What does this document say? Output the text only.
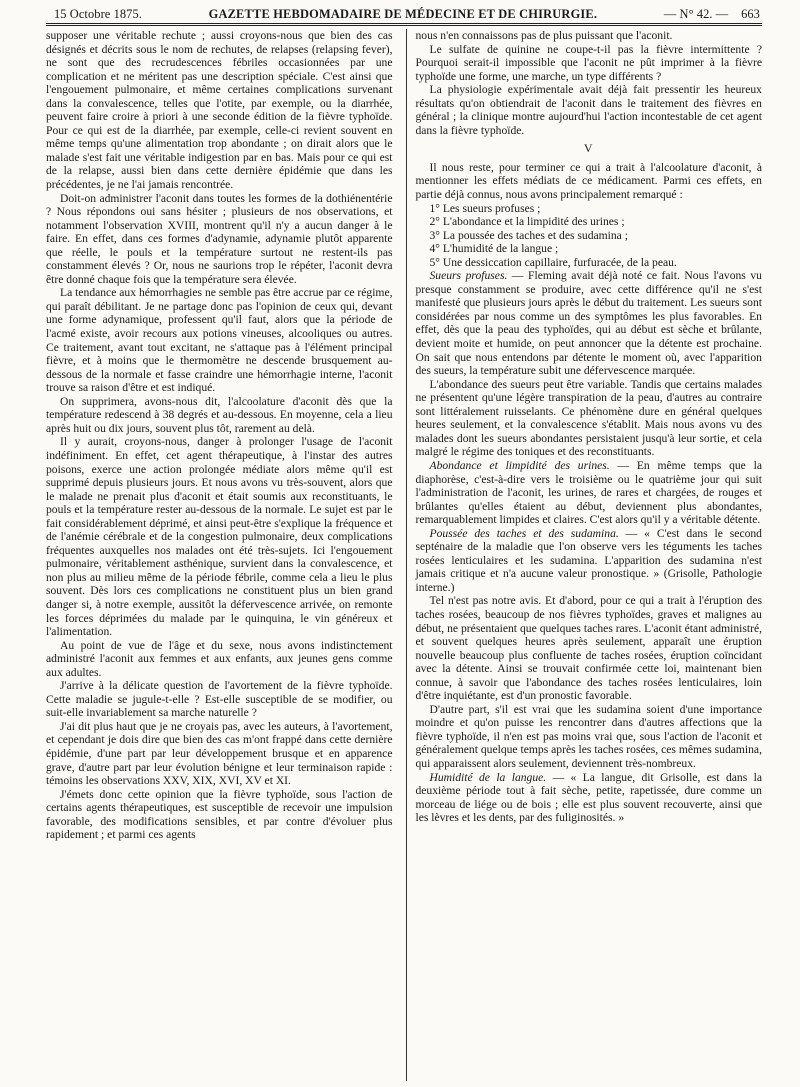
15 Octobre 1875.	GAZETTE HEBDOMADAIRE DE MÉDECINE ET DE CHIRURGIE.	— N° 42. — 663

supposer une véritable rechute ; aussi croyons-nous que bien des cas désignés et décrits sous le nom de rechutes, de relapses (relapsing fever), ne sont que des recrudescences fébriles occasionnées par une complication et ne méritent pas une description spéciale. C'est ainsi que l'engouement pulmonaire, et même certaines complications survenant dans la convalescence, telles que l'otite, par exemple, ou la diarrhée, peuvent faire croire à priori à une seconde édition de la fièvre typhoïde. Pour ce qui est de la diarrhée, par exemple, celle-ci revient souvent en même temps qu'une alimentation trop abondante ; on dirait alors que le malade s'est fait une véritable indigestion par en bas. Mais pour ce qui est de la relapse, aussi bien dans cette dernière épidémie que dans les précédentes, je ne l'ai jamais rencontrée.

Doit-on administrer l'aconit dans toutes les formes de la dothiénentérie ? Nous répondons oui sans hésiter ; plusieurs de nos observations, et notamment l'observation XVIII, montrent qu'il n'y a aucun danger à le faire. En effet, dans ces formes d'adynamie, adynamie plutôt apparente que réelle, le pouls et la température surtout ne restent-ils pas constamment élevés ? Or, nous ne saurions trop le répéter, l'aconit devra être donné chaque fois que la température sera élevée.

La tendance aux hémorrhagies ne semble pas être accrue par ce régime, qui paraît débilitant. Je ne partage donc pas l'opinion de ceux qui, devant une forme adynamique, professent qu'il faut, alors que la période de l'acmé existe, avoir recours aux potions vineuses, alcooliques ou autres. Ce traitement, avant tout excitant, ne s'attaque pas à l'élément principal fièvre, et à moins que le thermomètre ne descende brusquement au-dessous de la normale et fasse craindre une hémorrhagie interne, l'aconit trouve sa raison d'être et est indiqué.

On supprimera, avons-nous dit, l'alcoolature d'aconit dès que la température redescend à 38 degrés et au-dessous. En moyenne, cela a lieu après huit ou dix jours, souvent plus tôt, rarement au delà.

Il y aurait, croyons-nous, danger à prolonger l'usage de l'aconit indéfiniment. En effet, cet agent thérapeutique, à l'instar des autres poisons, exerce une action prolongée médiate alors même qu'il est supprimé depuis plusieurs jours. Et nous avons vu très-souvent, alors que le malade ne prenait plus d'aconit et était soumis aux reconstituants, le pouls et la température rester au-dessous de la normale. Le sujet est par le fait considérablement déprimé, et ainsi peut-être s'explique la fréquence et de l'anémie cérébrale et de la congestion pulmonaire, deux complications fréquentes auxquelles nos malades ont été très-sujets. Ici l'engouement pulmonaire, véritablement asthénique, survient dans la convalescence, et non plus au milieu même de la période fébrile, comme cela a lieu le plus souvent. Dès lors ces complications ne constituent plus un bien grand danger si, à notre exemple, aussitôt la défervescence arrivée, on remonte les forces déprimées du malade par le quinquina, le vin généreux et l'alimentation.

Au point de vue de l'âge et du sexe, nous avons indistinctement administré l'aconit aux femmes et aux enfants, aux jeunes gens comme aux adultes.

J'arrive à la délicate question de l'avortement de la fièvre typhoïde. Cette maladie se jugule-t-elle ? Est-elle susceptible de se modifier, ou suit-elle invariablement sa marche naturelle ?

J'ai dit plus haut que je ne croyais pas, avec les auteurs, à l'avortement, et cependant je dois dire que bien des cas m'ont frappé dans cette dernière épidémie, d'une part par leur développement brusque et en apparence grave, d'autre part par leur évolution bénigne et leur terminaison rapide : témoins les observations XXV, XIX, XVI, XV et XI.

J'émets donc cette opinion que la fièvre typhoïde, sous l'action de certains agents thérapeutiques, est susceptible de recevoir une impulsion favorable, des modifications sensibles, et par contre d'évoluer plus rapidement ; et parmi ces agents

nous n'en connaissons pas de plus puissant que l'aconit.

Le sulfate de quinine ne coupe-t-il pas la fièvre intermittente ? Pourquoi serait-il impossible que l'aconit ne pût imprimer à la fièvre typhoïde une forme, une marche, un type différents ?

La physiologie expérimentale avait déjà fait pressentir les heureux résultats qu'on obtiendrait de l'aconit dans le traitement des fièvres en général ; la clinique montre aujourd'hui l'action incontestable de cet agent dans la fièvre typhoïde.

V

Il nous reste, pour terminer ce qui a trait à l'alcoolature d'aconit, à mentionner les effets médiats de ce médicament. Parmi ces effets, en partie déjà connus, nous avons principalement remarqué :

1° Les sueurs profuses ;

2° L'abondance et la limpidité des urines ;

3° La poussée des taches et des sudamina ;

4° L'humidité de la langue ;

5° Une dessiccation capillaire, furfuracée, de la peau.

Sueurs profuses. — Fleming avait déjà noté ce fait. Nous l'avons vu presque constamment se produire, avec cette différence qu'il ne s'est manifesté que plusieurs jours après le début du traitement. Les sueurs sont considérées par nous comme un des symptômes les plus favorables. En effet, dès que la peau des typhoïdes, qui au début est sèche et brûlante, devient moite et humide, on peut annoncer que la détente est prochaine. On sait que nous entendons par détente le moment où, avec l'apparition des sueurs, la température subit une défervescence marquée.

L'abondance des sueurs peut être variable. Tandis que certains malades ne présentent qu'une légère transpiration de la peau, d'autres au contraire sont littéralement ruisselants. Ce phénomène dure en général quelques heures seulement, et la convalescence s'établit. Mais nous avons vu des malades dont les sueurs abondantes persistaient jusqu'à leur sortie, et cela malgré le régime des toniques et des reconstituants.

Abondance et limpidité des urines. — En même temps que la diaphorèse, c'est-à-dire vers le troisième ou le quatrième jour qui suit l'administration de l'aconit, les urines, de rares et chargées, de rouges et brûlantes qu'elles étaient au début, deviennent plus abondantes, remarquablement limpides et claires. C'est alors qu'il y a véritable détente.

Poussée des taches et des sudamina. — « C'est dans le second septénaire de la maladie que l'on observe vers les téguments les taches rosées lenticulaires et les sudamina. L'apparition des sudamina n'est jamais critique et n'a aucune valeur pronostique. » (Grisolle, Pathologie interne.)

Tel n'est pas notre avis. Et d'abord, pour ce qui a trait à l'éruption des taches rosées, beaucoup de nos fièvres typhoïdes, graves et malignes au début, ne présentaient que quelques taches rares. L'aconit étant administré, et souvent quelques heures après seulement, apparaît une éruption nouvelle beaucoup plus confluente de taches rosées, éruption coïncidant avec la détente. Ainsi se trouvait confirmée cette loi, maintenant bien connue, à savoir que l'abondance des taches rosées lenticulaires, loin d'être inquiétante, est d'un pronostic favorable.

D'autre part, s'il est vrai que les sudamina soient d'une importance moindre et qu'on puisse les rencontrer dans d'autres affections que la fièvre typhoïde, il n'en est pas moins vrai que, sous l'action de l'aconit et généralement quelque temps après les taches rosées, ces mêmes sudamina, qui apparaissent alors seulement, deviennent très-nombreux.

Humidité de la langue. — « La langue, dit Grisolle, est dans la deuxième période tout à fait sèche, petite, rapetissée, dure comme un morceau de liége ou de bois ; elle est plus souvent recouverte, ainsi que les lèvres et les dents, par des fuliginosités. »
